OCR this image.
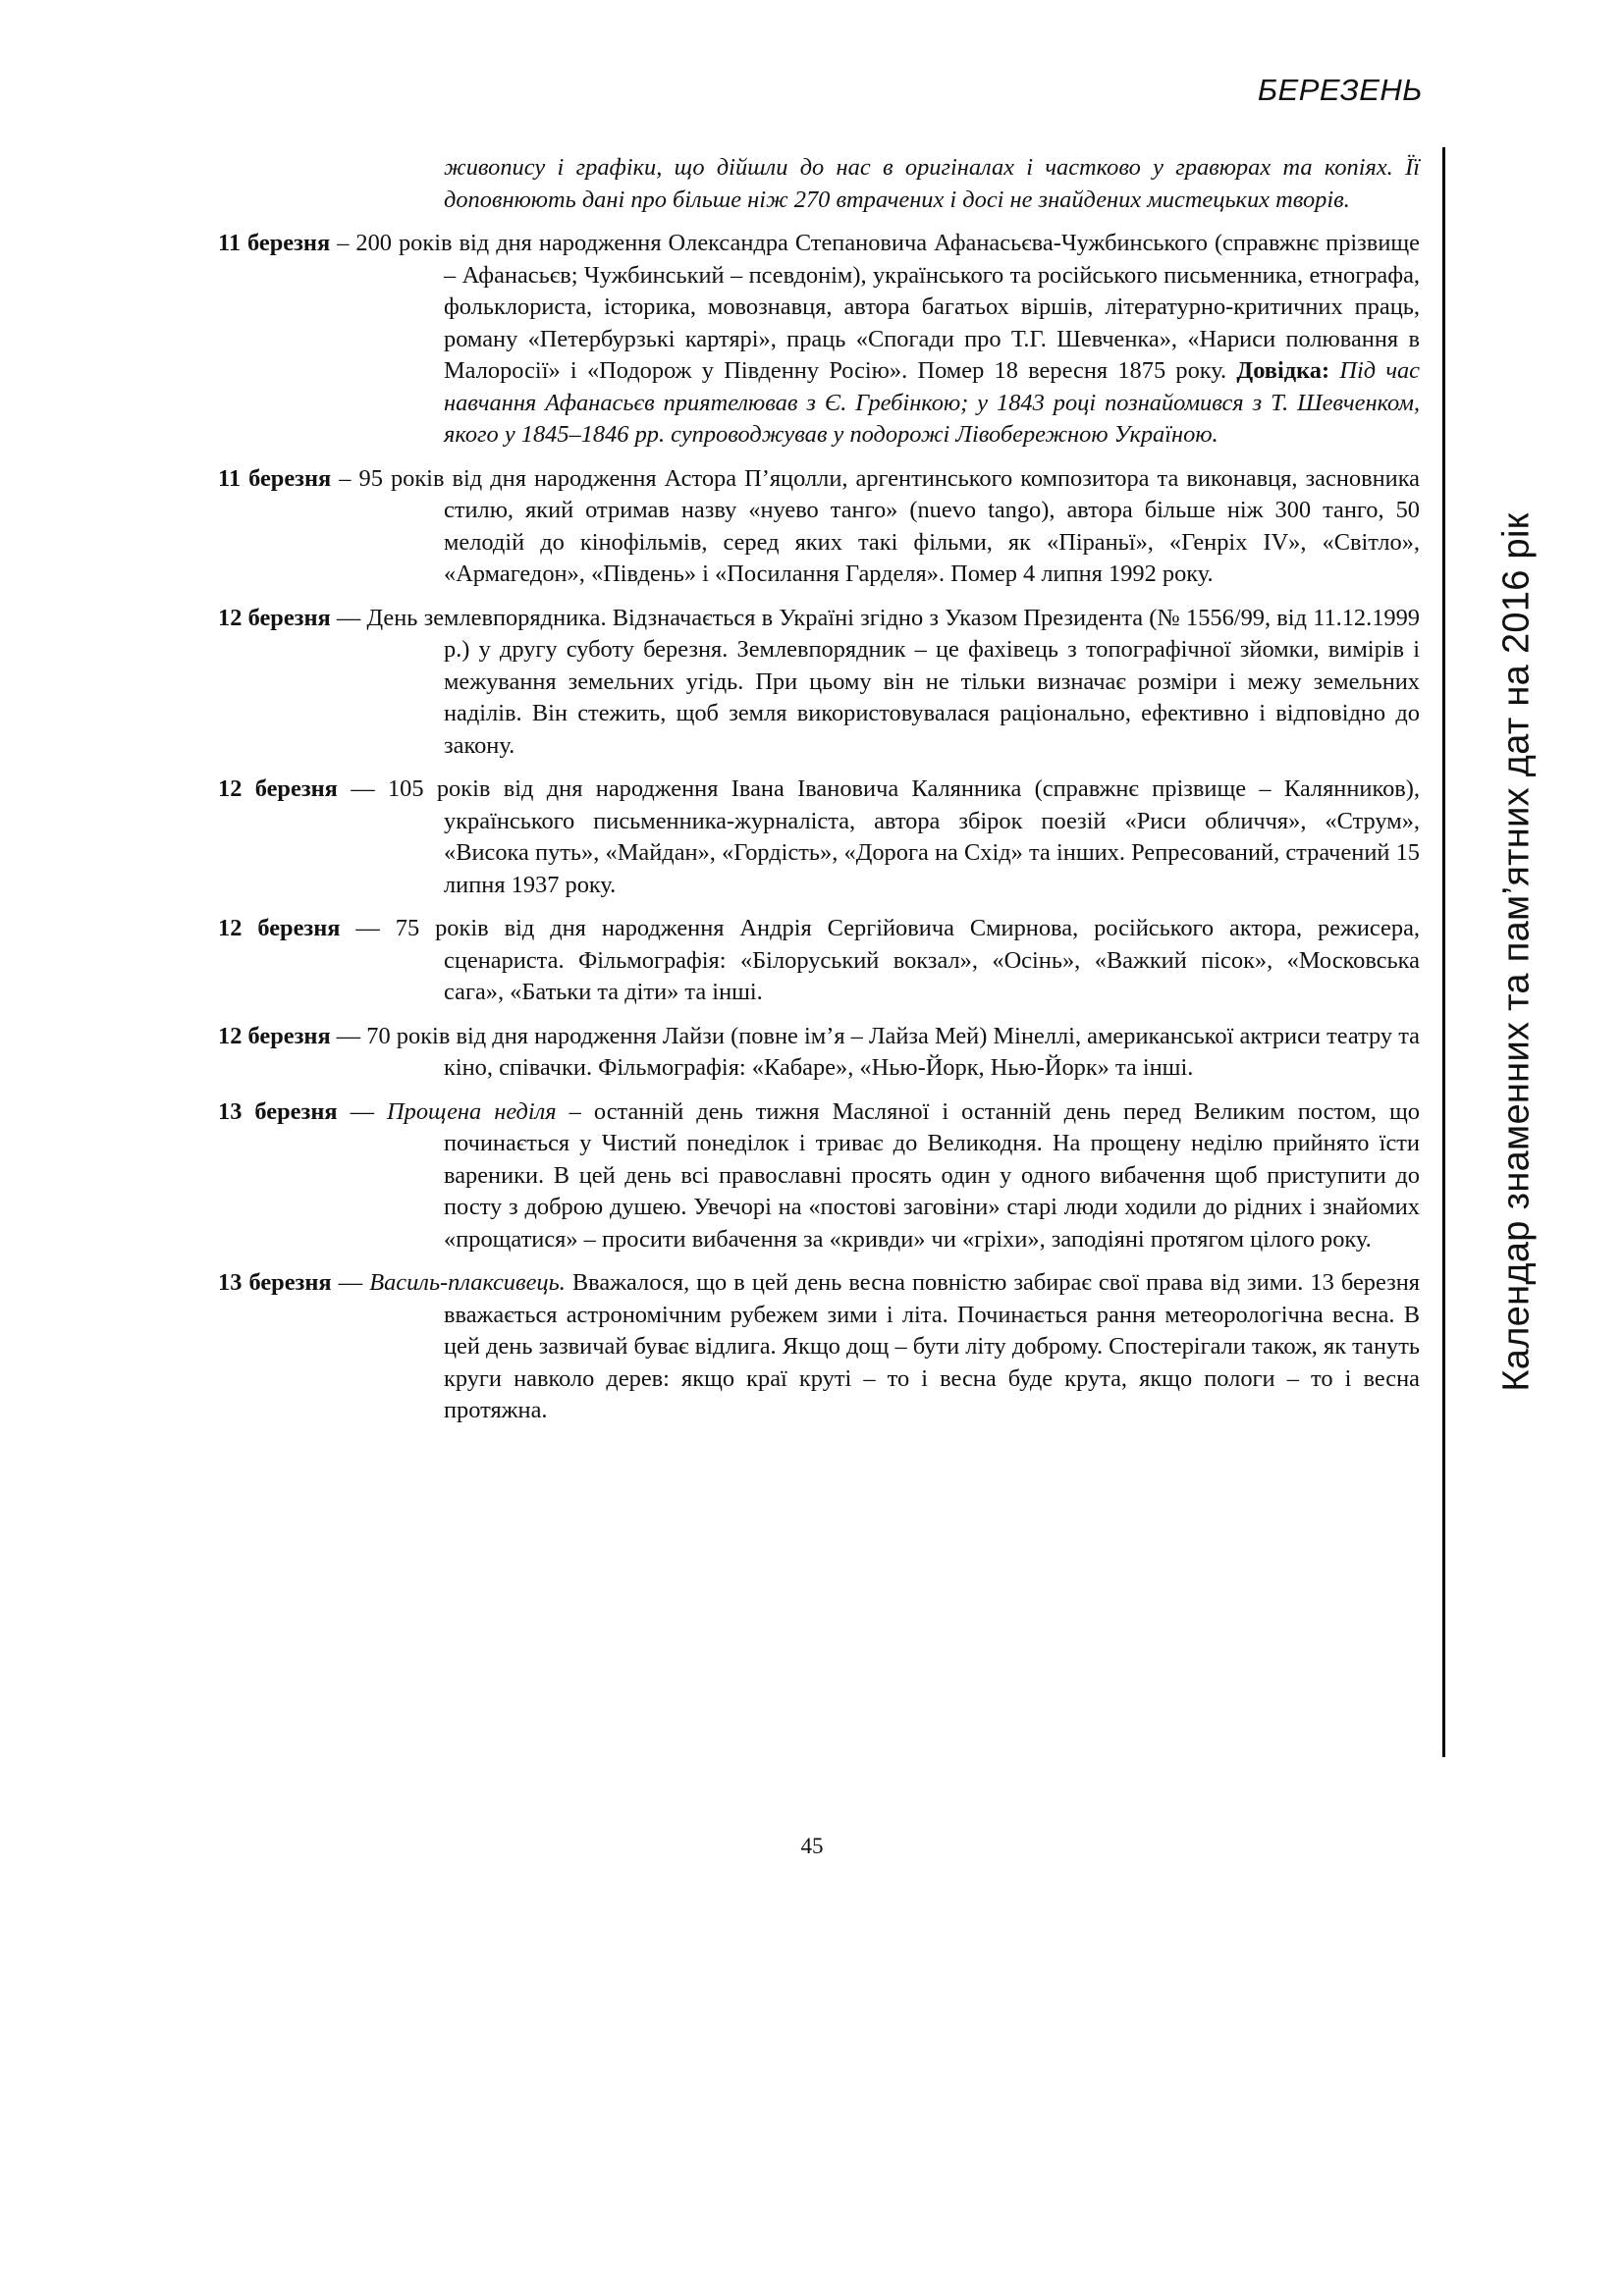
БЕРЕЗЕНЬ
Календар знаменних та пам’ятних дат на 2016 рік
живопису і графіки, що дійшли до нас в оригіналах і частково у гравюрах та копіях. Її доповнюють дані про більше ніж 270 втрачених і досі не знайдених мистецьких творів.
11 березня – 200 років від дня народження Олександра Степановича Афанасьєва-Чужбинського (справжнє прізвище – Афанасьєв; Чужбинський – псевдонім), українського та російського письменника, етнографа, фольклориста, історика, мовознавця, автора багатьох віршів, літературно-критичних праць, роману «Петербурзькі картярі», праць «Спогади про Т.Г. Шевченка», «Нариси полювання в Малоросії» і «Подорож у Південну Росію». Помер 18 вересня 1875 року. Довідка: Під час навчання Афанасьєв приятелював з Є. Гребінкою; у 1843 році познайомився з Т. Шевченком, якого у 1845–1846 рр. супроводжував у подорожі Лівобережною Україною.
11 березня – 95 років від дня народження Астора П’яцолли, аргентинського композитора та виконавця, засновника стилю, який отримав назву «нуево танго» (nuevo tango), автора більше ніж 300 танго, 50 мелодій до кінофільмів, серед яких такі фільми, як «Піраньї», «Генріх IV», «Світло», «Армагедон», «Південь» і «Посилання Гарделя». Помер 4 липня 1992 року.
12 березня — День землевпорядника. Відзначається в Україні згідно з Указом Президента (№ 1556/99, від 11.12.1999 р.) у другу суботу березня. Землевпорядник – це фахівець з топографічної зйомки, вимірів і межування земельних угідь. При цьому він не тільки визначає розміри і межу земельних наділів. Він стежить, щоб земля використовувалася раціонально, ефективно і відповідно до закону.
12 березня — 105 років від дня народження Івана Івановича Калянника (справжнє прізвище – Калянников), українського письменника-журналіста, автора збірок поезій «Риси обличчя», «Струм», «Висока путь», «Майдан», «Гордість», «Дорога на Схід» та інших. Репресований, страчений 15 липня 1937 року.
12 березня — 75 років від дня народження Андрія Сергійовича Смирнова, російського актора, режисера, сценариста. Фільмографія: «Білоруський вокзал», «Осінь», «Важкий пісок», «Московська сага», «Батьки та діти» та інші.
12 березня — 70 років від дня народження Лайзи (повне ім’я – Лайза Мей) Мінеллі, американської актриси театру та кіно, співачки. Фільмографія: «Кабаре», «Нью-Йорк, Нью-Йорк» та інші.
13 березня — Прощена неділя – останній день тижня Масляної і останній день перед Великим постом, що починається у Чистий понеділок і триває до Великодня. На прощену неділю прийнято їсти вареники. В цей день всі православні просять один у одного вибачення щоб приступити до посту з доброю душею. Увечорі на «постові заговіни» старі люди ходили до рідних і знайомих «прощатися» – просити вибачення за «кривди» чи «гріхи», заподіяні протягом цілого року.
13 березня — Василь-плаксивець. Вважалося, що в цей день весна повністю забирає свої права від зими. 13 березня вважається астрономічним рубежем зими і літа. Починається рання метеорологічна весна. В цей день зазвичай буває відлига. Якщо дощ – бути літу доброму. Спостерігали також, як тануть круги навколо дерев: якщо краї круті – то і весна буде крута, якщо пологи – то і весна протяжна.
45
